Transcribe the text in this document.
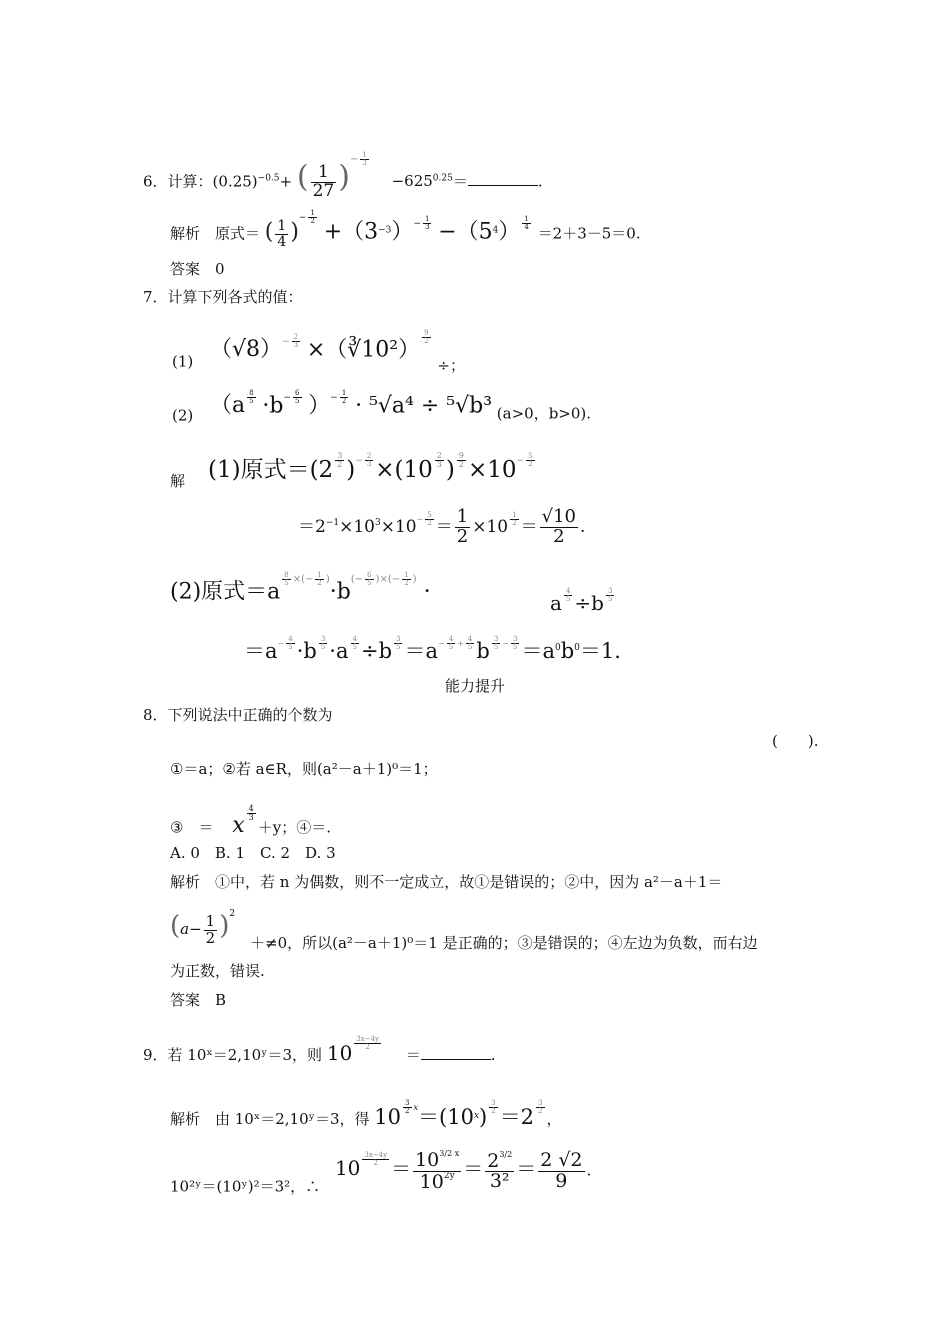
6．计算：$(0.25)^{-0.5}+$ ( $\frac{1}{27} )^{- \frac{1}{3}}$
$-625^{0.25}=$	.
解析　原式＝ ( $\frac{1}{4} )^{- \frac{1}{2}}$
$+(3^{-3})^{- \frac{1}{3}} -(5^4)$ $^{\frac{1}{4}}$
＝2＋3－5＝0.
答案　0
7．计算下列各式的值：
(1) $(√8)^{- \frac{2}{3}}$ ×（∛10²） $^{\frac{9}{2}}$
÷；
(2) （a $^{\frac{8}{5}} \cdot b^{- \frac{6}{5}}$ ）$^{- \frac{1}{2}}$ · ⁵√a⁴ ÷ ⁵√b³ (a>0，b>0).
解 (1)原式＝(2 $^{\frac{3}{2}}$ )$^{- \frac{2}{3}}$ ×(10 $^{\frac{2}{3}}$ ) $^{\frac{9}{2}} \times 10^{- \frac{5}{2}}$
$=2^{-1}\times 10^3\times 10^{- \frac{5}{2}} = \frac{1}{2} \times 10$ $^{\frac{1}{2}} = \frac{√10}{2}$ .
(2)原式＝a $^{\frac{8}{5} \times(- \frac{1}{2} )}\cdot b^{(- \frac{6}{5} )\times(- \frac{1}{2} )}$ ·	a $^{\frac{4}{5}}$ ÷b $^{\frac{3}{5}}$
$=a^{- \frac{4}{5}} \cdot b$ $^{\frac{3}{5}}$ ·a $^{\frac{4}{5}}$ ÷b $^{\frac{3}{5}} =a^{- \frac{4}{5} + \frac{4}{5}}$ b $^{\frac{3}{5} - \frac{3}{5}} =a^0b^0=1$.
能力提升
8．下列说法中正确的个数为
(　　).
①＝a；②若 a∈R，则(a²－a＋1)⁰＝1；
③　＝ x $^{\frac{4}{3}}$
＋y；④＝.
A. 0　B. 1　C. 2　D. 3
解析　①中，若 n 为偶数，则不一定成立，故①是错误的；②中，因为 a²－a＋1＝
$(a- \frac{1}{2} )^2$
＋≠0，所以(a²－a＋1)⁰＝1 是正确的；③是错误的；④左边为负数，而右边
为正数，错误.
答案　B
9．若 10ˣ＝2,10ʸ＝3，则 10 $^{\frac{3x-4y}{2}}$
＝	.
解析　由 10ˣ＝2,10ʸ＝3，得 10 $^{\frac{3}{2} x}=(10^x)$ $^{\frac{3}{2}}$ ＝2 $^{\frac{3}{2}}$
，
10²ʸ＝(10ʸ)²＝3²，∴ 10 $^{\frac{3x-4y}{2}} = \frac{10^{3/2 x}}{10^{2y}} = \frac{2^{3/2}}{\text{3²}} = \frac{2 √2}{9}$ .
